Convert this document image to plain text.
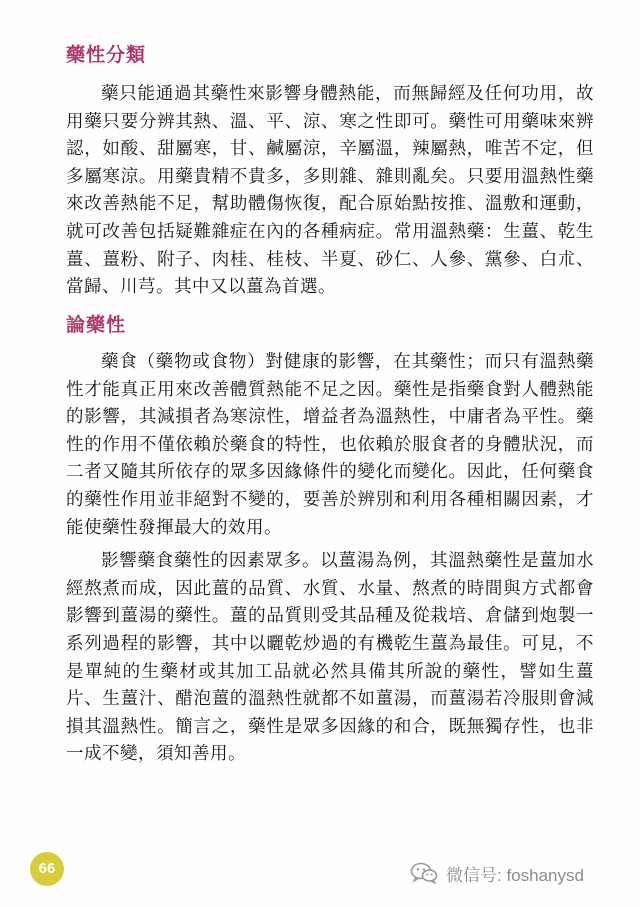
藥性分類

藥只能通過其藥性來影響身體熱能，而無歸經及任何功用，故用藥只要分辨其熱、溫、平、涼、寒之性即可。藥性可用藥味來辨認，如酸、甜屬寒，甘、鹹屬涼，辛屬溫，辣屬熱，唯苦不定，但多屬寒涼。用藥貴精不貴多，多則雜、雜則亂矣。只要用溫熱性藥來改善熱能不足，幫助體傷恢復，配合原始點按推、溫敷和運動，就可改善包括疑難雜症在內的各種病症。常用溫熱藥：生薑、乾生薑、薑粉、附子、肉桂、桂枝、半夏、砂仁、人參、黨參、白朮、當歸、川芎。其中又以薑為首選。

論藥性

藥食（藥物或食物）對健康的影響，在其藥性；而只有溫熱藥性才能真正用來改善體質熱能不足之因。藥性是指藥食對人體熱能的影響，其減損者為寒涼性，增益者為溫熱性，中庸者為平性。藥性的作用不僅依賴於藥食的特性，也依賴於服食者的身體狀況，而二者又隨其所依存的眾多因緣條件的變化而變化。因此，任何藥食的藥性作用並非絕對不變的，要善於辨別和利用各種相關因素，才能使藥性發揮最大的效用。

影響藥食藥性的因素眾多。以薑湯為例，其溫熱藥性是薑加水經熬煮而成，因此薑的品質、水質、水量、熬煮的時間與方式都會影響到薑湯的藥性。薑的品質則受其品種及從栽培、倉儲到炮製一系列過程的影響，其中以曬乾炒過的有機乾生薑為最佳。可見，不是單純的生藥材或其加工品就必然具備其所說的藥性，譬如生薑片、生薑汁、醋泡薑的溫熱性就都不如薑湯，而薑湯若冷服則會減損其溫熱性。簡言之，藥性是眾多因緣的和合，既無獨存性，也非一成不變，須知善用。

66	微信号: foshanysd
